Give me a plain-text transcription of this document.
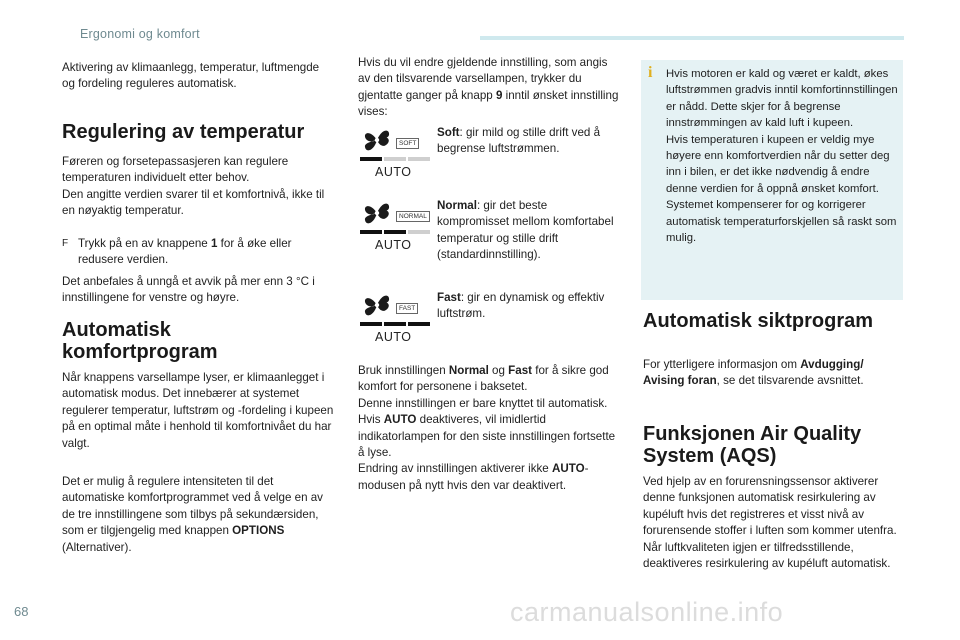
Ergonomi og komfort
Aktivering av klimaanlegg, temperatur, luftmengde og fordeling reguleres automatisk.
Regulering av temperatur
Føreren og forsetepassasjeren kan regulere temperaturen individuelt etter behov.
Den angitte verdien svarer til et komfortnivå, ikke til en nøyaktig temperatur.
F Trykk på en av knappene 1 for å øke eller redusere verdien.
Det anbefales å unngå et avvik på mer enn 3 °C i innstillingene for venstre og høyre.
Automatisk
komfortprogram
Når knappens varsellampe lyser, er klimaanlegget i automatisk modus. Det innebærer at systemet regulerer temperatur, luftstrøm og -fordeling i kupeen på en optimal måte i henhold til komfortnivået du har valgt.
Det er mulig å regulere intensiteten til det automatiske komfortprogrammet ved å velge en av de tre innstillingene som tilbys på sekundærsiden, som er tilgjengelig med knappen OPTIONS (Alternativer).
Hvis du vil endre gjeldende innstilling, som angis av den tilsvarende varsellampen, trykker du gjentatte ganger på knapp 9 inntil ønsket innstilling vises:
SOFT
AUTO
Soft: gir mild og stille drift ved å begrense luftstrømmen.
NORMAL
AUTO
Normal: gir det beste kompromisset mellom komfortabel temperatur og stille drift (standardinnstilling).
FAST
AUTO
Fast: gir en dynamisk og effektiv luftstrøm.
Bruk innstillingen Normal og Fast for å sikre god komfort for personene i baksetet.
Denne innstillingen er bare knyttet til automatisk. Hvis AUTO deaktiveres, vil imidlertid indikatorlampen for den siste innstillingen fortsette å lyse.
Endring av innstillingen aktiverer ikke AUTO-modusen på nytt hvis den var deaktivert.
i Hvis motoren er kald og været er kaldt, økes luftstrømmen gradvis inntil komfortinnstillingen er nådd. Dette skjer for å begrense innstrømmingen av kald luft i kupeen.
Hvis temperaturen i kupeen er veldig mye høyere enn komfortverdien når du setter deg inn i bilen, er det ikke nødvendig å endre denne verdien for å oppnå ønsket komfort. Systemet kompenserer for og korrigerer automatisk temperaturforskjellen så raskt som mulig.
Automatisk siktprogram
For ytterligere informasjon om Avdugging/ Avising foran, se det tilsvarende avsnittet.
Funksjonen Air Quality
System (AQS)
Ved hjelp av en forurensningssensor aktiverer denne funksjonen automatisk resirkulering av kupéluft hvis det registreres et visst nivå av forurensende stoffer i luften som kommer utenfra.
Når luftkvaliteten igjen er tilfredsstillende, deaktiveres resirkulering av kupéluft automatisk.
68	carmanualsonline.info
